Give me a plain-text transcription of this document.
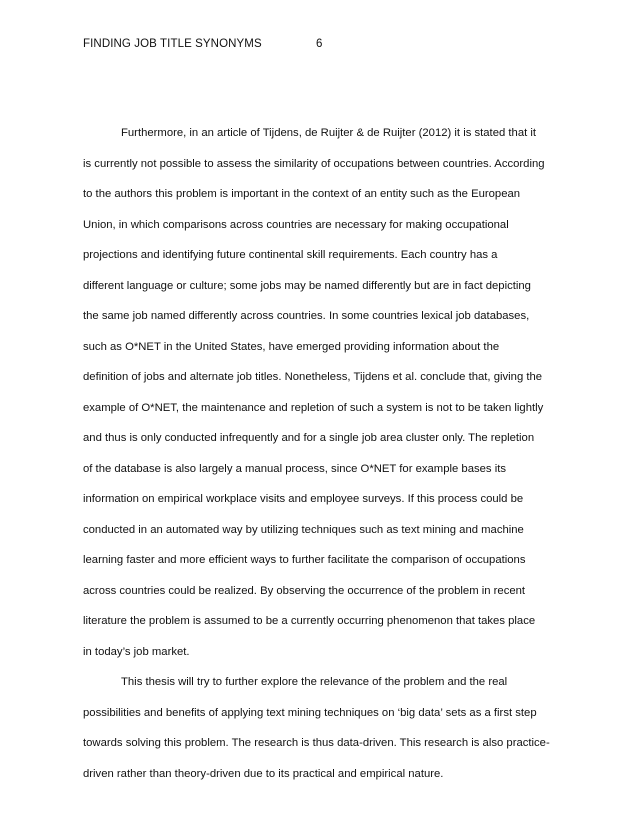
FINDING JOB TITLE SYNONYMS	6
Furthermore, in an article of Tijdens, de Ruijter & de Ruijter (2012) it is stated that it
is currently not possible to assess the similarity of occupations between countries. According
to the authors this problem is important in the context of an entity such as the European
Union, in which comparisons across countries are necessary for making occupational
projections and identifying future continental skill requirements. Each country has a
different language or culture; some jobs may be named differently but are in fact depicting
the same job named differently across countries. In some countries lexical job databases,
such as O*NET in the United States, have emerged providing information about the
definition of jobs and alternate job titles. Nonetheless, Tijdens et al. conclude that, giving the
example of O*NET, the maintenance and repletion of such a system is not to be taken lightly
and thus is only conducted infrequently and for a single job area cluster only. The repletion
of the database is also largely a manual process, since O*NET for example bases its
information on empirical workplace visits and employee surveys. If this process could be
conducted in an automated way by utilizing techniques such as text mining and machine
learning faster and more efficient ways to further facilitate the comparison of occupations
across countries could be realized. By observing the occurrence of the problem in recent
literature the problem is assumed to be a currently occurring phenomenon that takes place
in today’s job market.
This thesis will try to further explore the relevance of the problem and the real
possibilities and benefits of applying text mining techniques on ‘big data’ sets as a first step
towards solving this problem. The research is thus data-driven. This research is also practice-
driven rather than theory-driven due to its practical and empirical nature.
